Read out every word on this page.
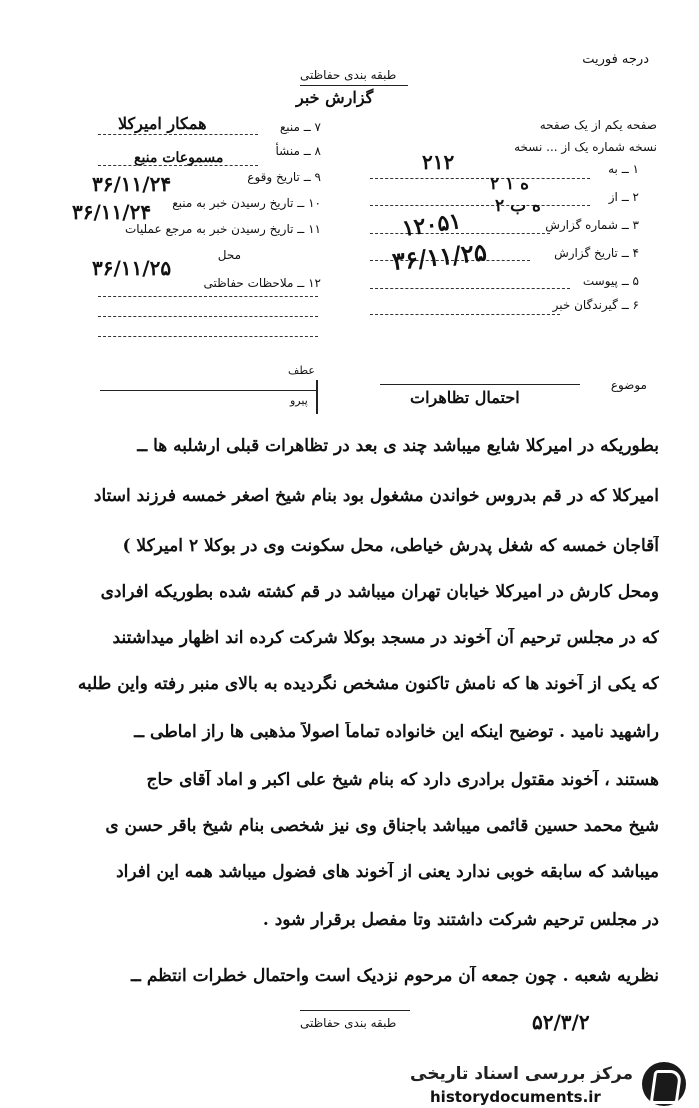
درجه فوریت
طبقه بندی حفاظتی
گزارش خبر
صفحه یکم از یک صفحه
نسخه شماره یک از ... نسخه
۱ ــ به
۲۱۲
۲ ــ از
۲ ه ۱
۳ ــ شماره گزارش
۲ ه ب
۴ ــ تاریخ گزارش
۳۶/۱۱/۲۵
۱۲۰۵۱
۵ ــ پیوست
۶ ــ گیرندگان خبر
۷ ــ منبع
همکار امیرکلا
۸ ــ منشأ
مسموعات منبع
۹ ــ تاریخ وقوع
۳۶/۱۱/۲۴
۱۰ ــ تاریخ رسیدن خبر به منبع
۳۶/۱۱/۲۴
۱۱ ــ تاریخ رسیدن خبر به مرجع عملیات
محل
۳۶/۱۱/۲۵
۱۲ ــ ملاحظات حفاظتی
عطف
پیرو
موضوع
احتمال تظاهرات
بطوریکه در امیرکلا شایع میباشد چند ی بعد در تظاهرات قبلی ارشلبه ها ــ
امیرکلا که در قم بدروس خواندن مشغول بود بنام شیخ اصغر خمسه فرزند استاد
آقاجان خمسه که شغل پدرش خیاطی، محل سکونت وی در بوکلا ۲ امیرکلا )
ومحل کارش در امیرکلا خیابان تهران میباشد در قم کشته شده بطوریکه افرادی
که در مجلس ترحیم آن آخوند در مسجد بوکلا شرکت کرده اند اظهار میداشتند
که یکی از آخوند ها که نامش تاکنون مشخص نگردیده به بالای منبر رفته واین طلبه
راشهید نامید . توضیح اینکه این خانواده تماماً اصولاً مذهبی ها راز اماطی ــ
هستند ، آخوند مقتول برادری دارد که بنام شیخ علی اکبر و اماد آقای حاج
شیخ محمد حسین قائمی میباشد باجناق وی نیز شخصی بنام شیخ باقر حسن ی
میباشد که سابقه خوبی ندارد یعنی از آخوند های فضول میباشد همه این افراد
در مجلس ترحیم شرکت داشتند وتا مفصل برقرار شود .
نظریه شعبه . چون جمعه آن مرحوم نزدیک است واحتمال خطرات انتظم ــ
طبقه بندی حفاظتی	۵۲/۳/۲
مرکز بررسی اسناد تاریخی
historydocuments.ir
